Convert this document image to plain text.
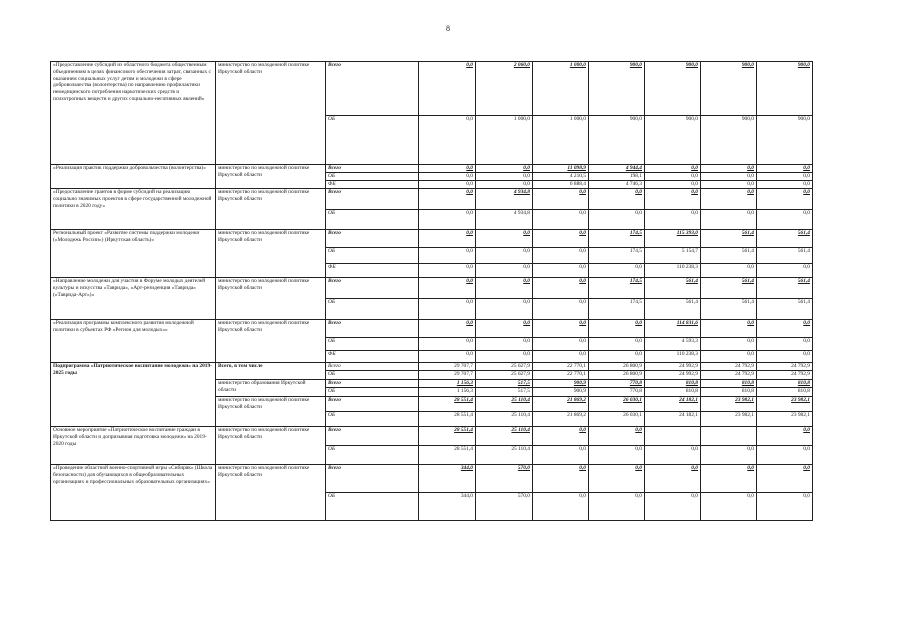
8
«Предоставление субсидий из областного бюджета общественным объединениям в целях финансового обеспечения затрат, связанных с оказанием социальных услуг детям и молодежи в сфере добровольчества (волонтерства) по направлению профилактики немедицинского потребления наркотических средств и психотропных веществ и других социально-негативных явлений»	министерство по молодежной политике Иркутской области	Всего	0,0	2 060,0	1 000,0	900,0	900,0	900,0	900,0
		ОБ	0,0	1 000,0	1 000,0	900,0	900,0	900,0	900,0
«Реализация практик поддержки добровольчества (волонтерства)»	министерство по молодежной политике Иркутской области	Всего	0,0	0,0	11 098,9	4 944,4	0,0	0,0	0,0
		ОБ	0,0	0,0	4 210,5	198,1	0,0	0,0	0,0
		ФБ	0,0	0,0	6 888,4	4 746,3	0,0	0,0	0,0
«Предоставление грантов в форме субсидий на реализацию социально значимых проектов в сфере государственной молодежной политики в 2020 году»	министерство по молодежной политике Иркутской области	Всего	0,0	4 934,8	0,0	0,0	0,0	0,0	0,0
		ОБ	0,0	4 934,8	0,0	0,0	0,0	0,0	0,0
Региональный проект «Развитие системы поддержки молодежи («Молодежь России») (Иркутская область)»	министерство по молодежной политике Иркутской области	Всего	0,0	0,0	0,0	174,5	115 393,0	561,4	561,4
		ОБ	0,0	0,0	0,0	174,5	5 154,7	561,4	561,4
		ФБ	0,0	0,0	0,0	0,0	110 238,3	0,0	0,0
«Направление молодежи для участия в Форуме молодых деятелей культуры и искусства «Таврида», «Арт-резиденция «Таврида» («Таврида-Арт»)»	министерство по молодежной политике Иркутской области	Всего	0,0	0,0	0,0	174,5	561,4	561,4	561,4
		ОБ	0,0	0,0	0,0	174,5	561,4	561,4	561,4
«Реализация программы комплексного развития молодежной политики в субъектах РФ «Регион для молодых»»	министерство по молодежной политике Иркутской области	Всего	0,0	0,0	0,0	0,0	114 831,6	0,0	0,0
		ОБ	0,0	0,0	0,0	0,0	4 593,3	0,0	0,0
		ФБ	0,0	0,0	0,0	0,0	110 238,3	0,0	0,0
Подпрограмма «Патриотическое воспитание молодежи» на 2019-2025 годы	Всего, в том числе	Всего	29 707,7	25 627,9	22 770,1	26 800,9	24 992,9	24 792,9	24 792,9
		ОБ	29 707,7	25 627,9	22 770,1	26 800,9	24 992,9	24 792,9	24 792,9
	министерство образования Иркутской области	Всего	1 156,3	517,5	900,9	770,8	810,8	810,8	810,8
		ОБ	1 156,3	517,5	900,9	770,8	810,8	810,8	810,8
	министерство по молодежной политике Иркутской области	Всего	28 551,4	25 110,4	21 869,2	26 030,1	24 182,1	23 982,1	23 982,1
		ОБ	28 551,4	25 110,4	21 869,2	26 030,1	24 182,1	23 982,1	23 982,1
Основное мероприятие «Патриотическое воспитание граждан в Иркутской области и допризывная подготовка молодежи» на 2019-2020 годы	министерство по молодежной политике Иркутской области	Всего	28 551,4	25 110,4	0,0	0,0			0,0
		ОБ	28 551,4	25 110,4	0,0	0,0	0,0	0,0	0,0
«Проведение областной военно-спортивной игры «Сибиряк» (Школа безопасности) для обучающихся в общеобразовательных организациях и профессиональных образовательных организациях»	министерство по молодежной политике Иркутской области	Всего	344,0	570,0	0,0	0,0	0,0	0,0	0,0
		ОБ	344,0	570,0	0,0	0,0	0,0	0,0	0,0
